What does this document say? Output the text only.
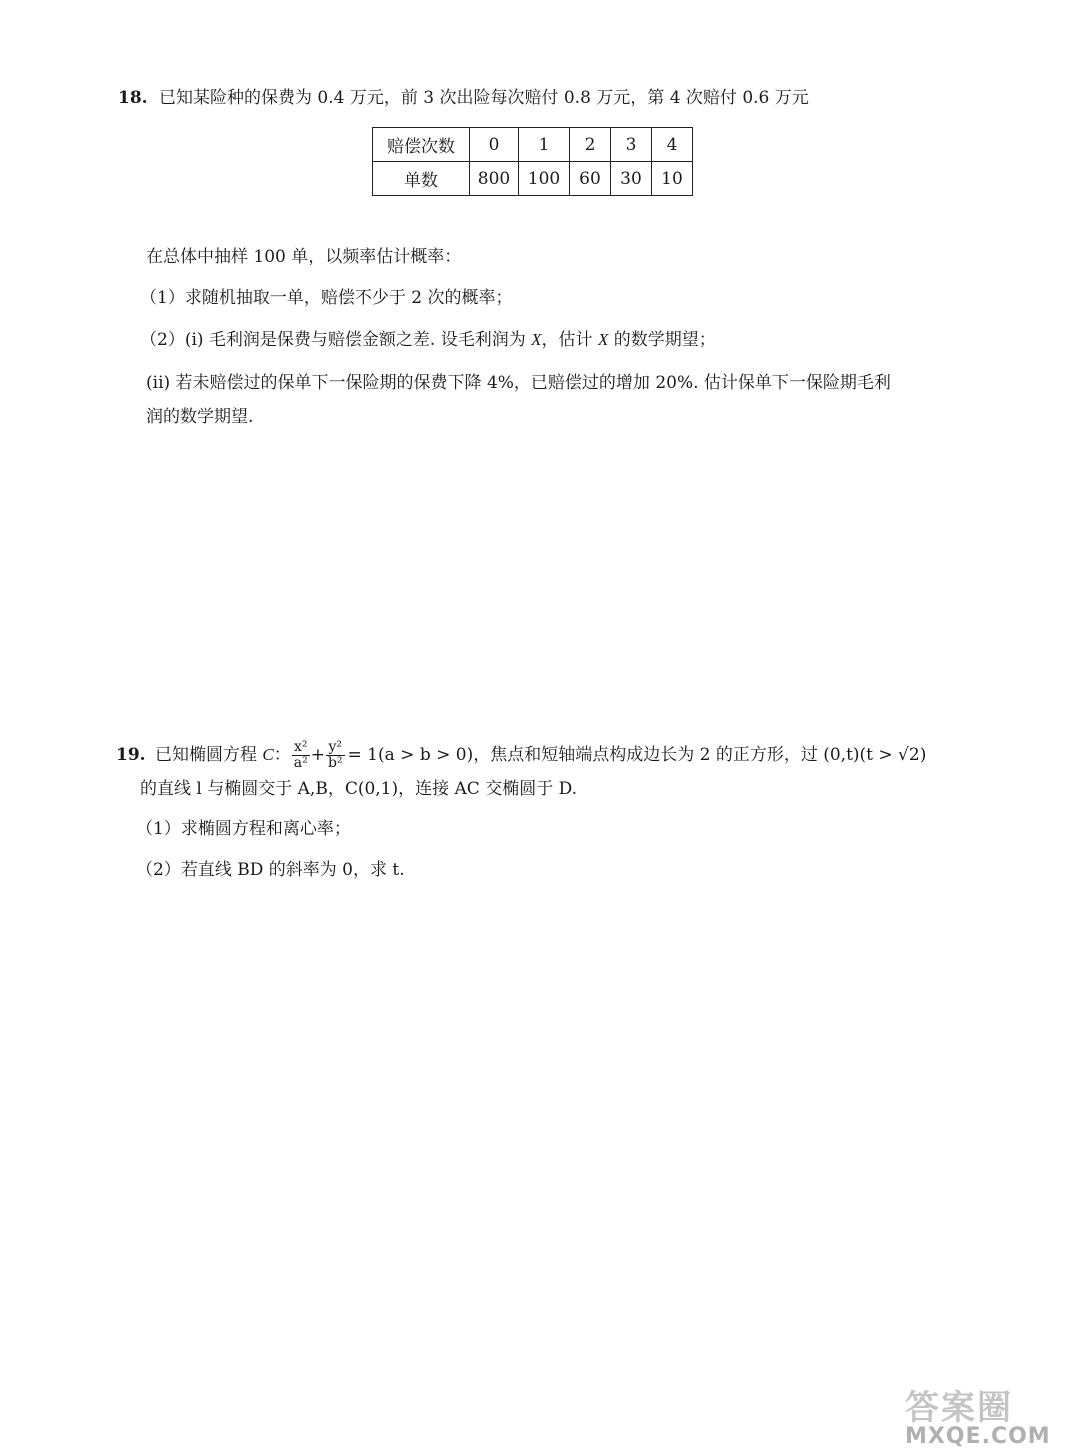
18. 已知某险种的保费为 0.4 万元，前 3 次出险每次赔付 0.8 万元，第 4 次赔付 0.6 万元
赔偿次数	0	1	2	3	4
单数	800	100	60	30	10
在总体中抽样 100 单，以频率估计概率：
（1）求随机抽取一单，赔偿不少于 2 次的概率；
（2）(i) 毛利润是保费与赔偿金额之差. 设毛利润为 X，估计 X 的数学期望；
(ii) 若未赔偿过的保单下一保险期的保费下降 4%，已赔偿过的增加 20%. 估计保单下一保险期毛利
润的数学期望.
19. 已知椭圆方程 C： $\frac{\text{x²}}{\text{a²}} + \frac{\text{y²}}{\text{b²}} = 1(a > b > 0)$，焦点和短轴端点构成边长为 2 的正方形，过 (0,t)(t > √2)
的直线 l 与椭圆交于 A,B，C(0,1)，连接 AC 交椭圆于 D.
（1）求椭圆方程和离心率；
（2）若直线 BD 的斜率为 0，求 t.
答案圈
MXQE.COM
